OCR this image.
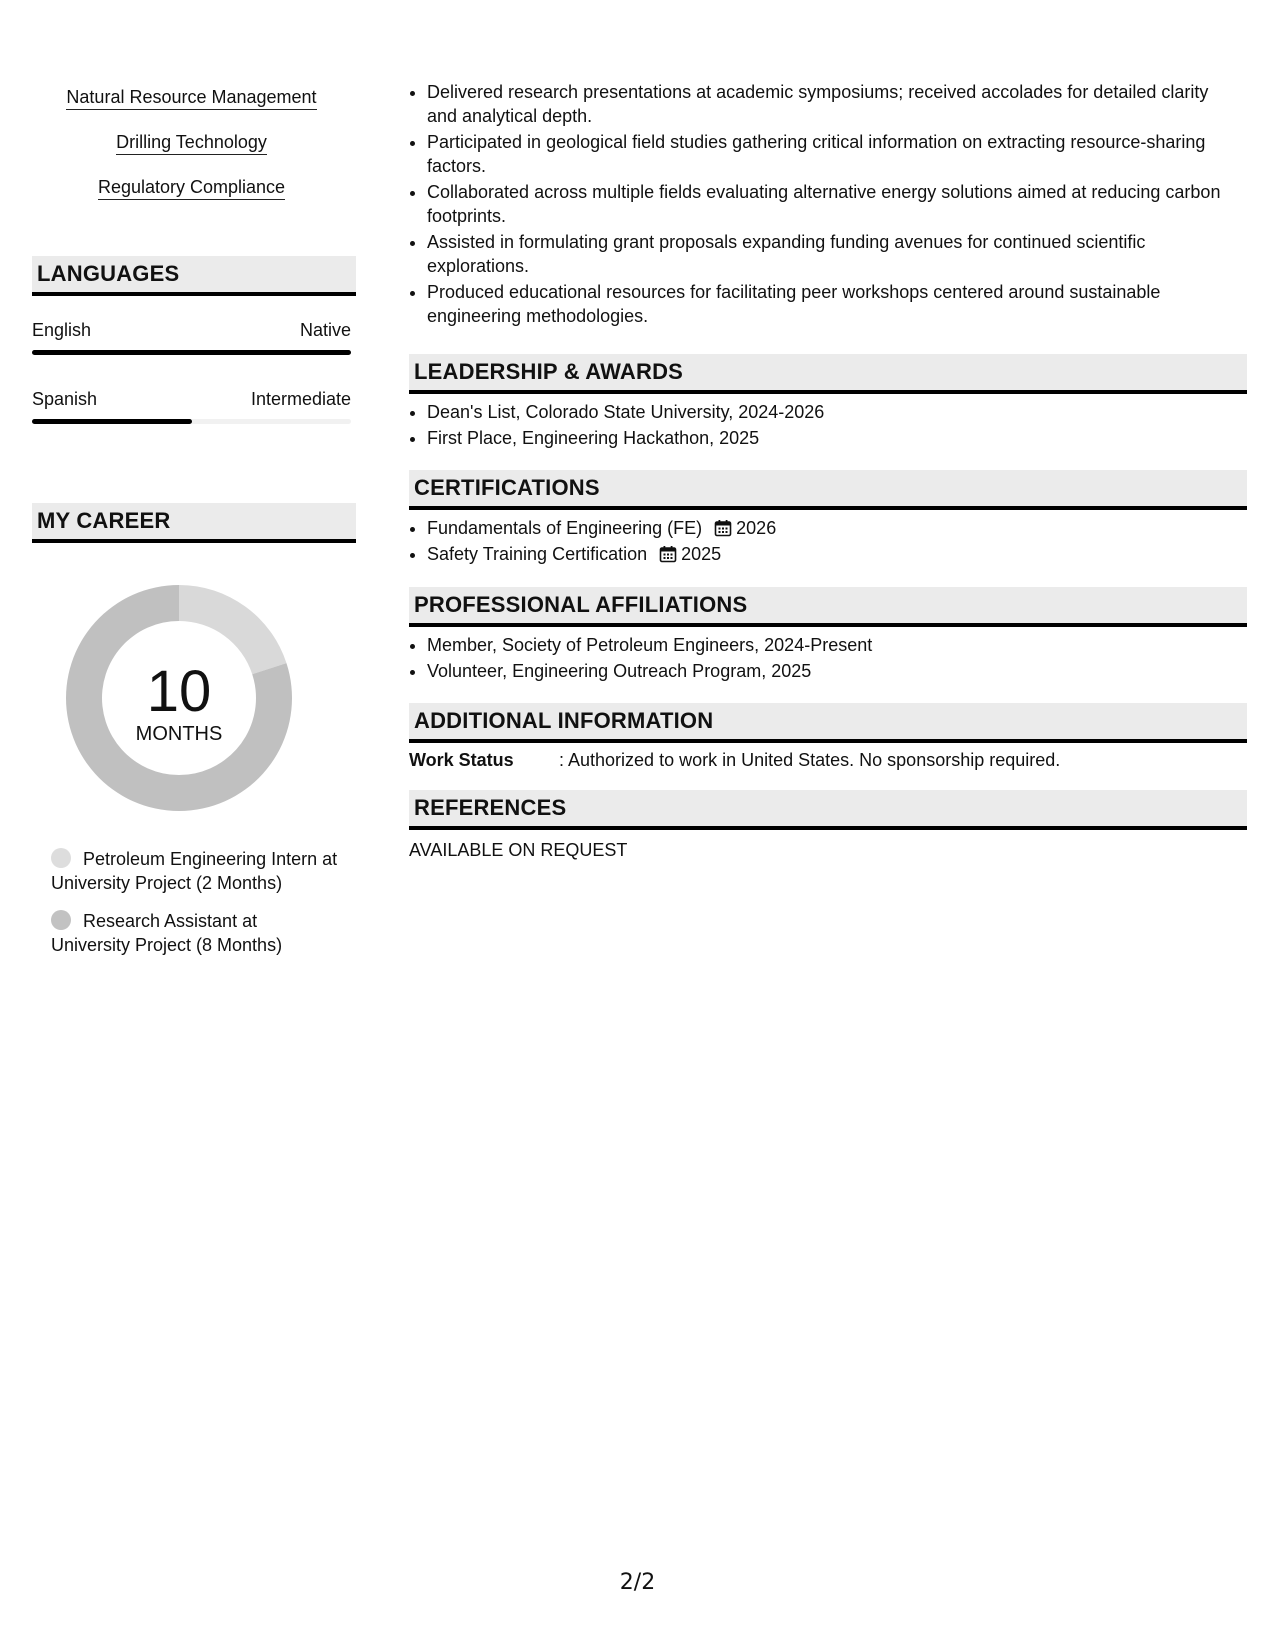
Natural Resource Management
Drilling Technology
Regulatory Compliance
LANGUAGES
English	Native
Spanish	Intermediate
MY CAREER
10
MONTHS
Petroleum Engineering Intern at University Project (2 Months)
Research Assistant at University Project (8 Months)
• Delivered research presentations at academic symposiums; received accolades for detailed clarity and analytical depth.
• Participated in geological field studies gathering critical information on extracting resource-sharing factors.
• Collaborated across multiple fields evaluating alternative energy solutions aimed at reducing carbon footprints.
• Assisted in formulating grant proposals expanding funding avenues for continued scientific explorations.
• Produced educational resources for facilitating peer workshops centered around sustainable engineering methodologies.
LEADERSHIP & AWARDS
• Dean's List, Colorado State University, 2024-2026
• First Place, Engineering Hackathon, 2025
CERTIFICATIONS
• Fundamentals of Engineering (FE) 2026
• Safety Training Certification 2025
PROFESSIONAL AFFILIATIONS
• Member, Society of Petroleum Engineers, 2024-Present
• Volunteer, Engineering Outreach Program, 2025
ADDITIONAL INFORMATION
Work Status	: Authorized to work in United States. No sponsorship required.
REFERENCES
AVAILABLE ON REQUEST
2/2
